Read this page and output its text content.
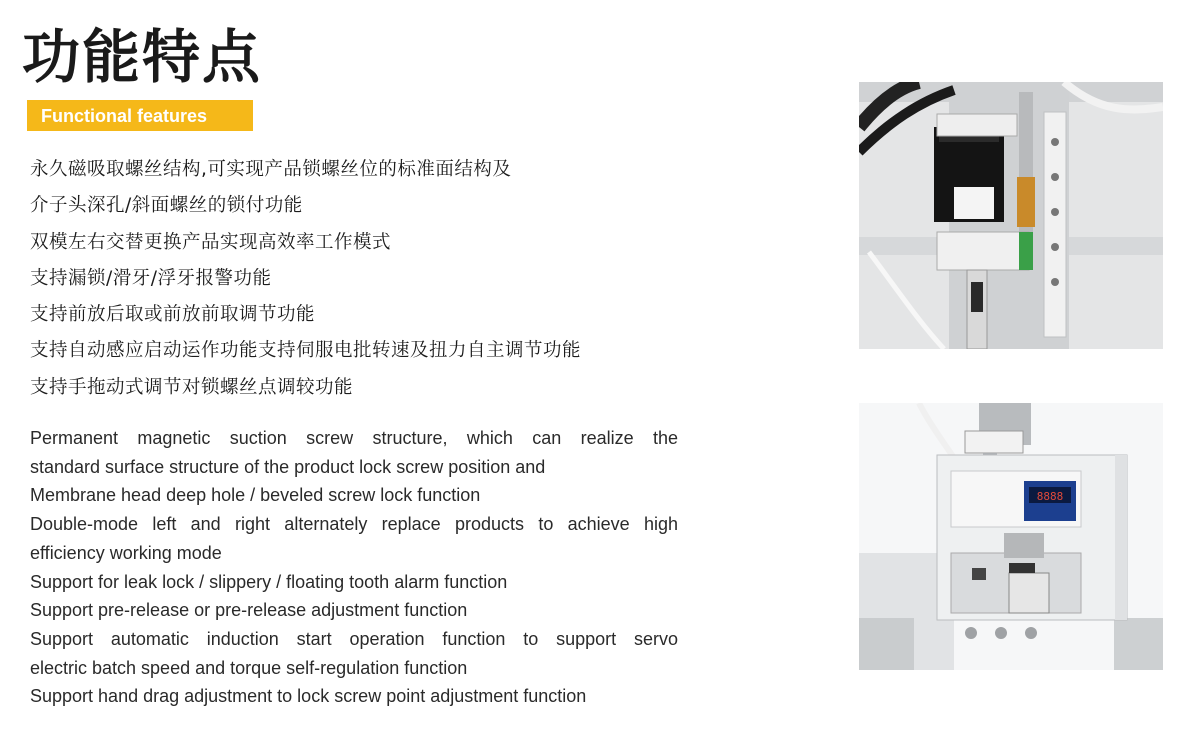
功能特点
Functional features
永久磁吸取螺丝结构,可实现产品锁螺丝位的标准面结构及
介子头深孔/斜面螺丝的锁付功能
双模左右交替更换产品实现高效率工作模式
支持漏锁/滑牙/浮牙报警功能
支持前放后取或前放前取调节功能
支持自动感应启动运作功能支持伺服电批转速及扭力自主调节功能
支持手拖动式调节对锁螺丝点调较功能

Permanent magnetic suction screw structure, which can realize the

standard surface structure of the product lock screw position and

Membrane head deep hole / beveled screw lock function

Double-mode left and right alternately replace products to achieve high

efficiency working mode

Support for leak lock / slippery / floating tooth alarm function

Support pre-release or pre-release adjustment function

Support automatic induction start operation function to support servo

electric batch speed and torque self-regulation function

Support hand drag adjustment to lock screw point adjustment function

8888
